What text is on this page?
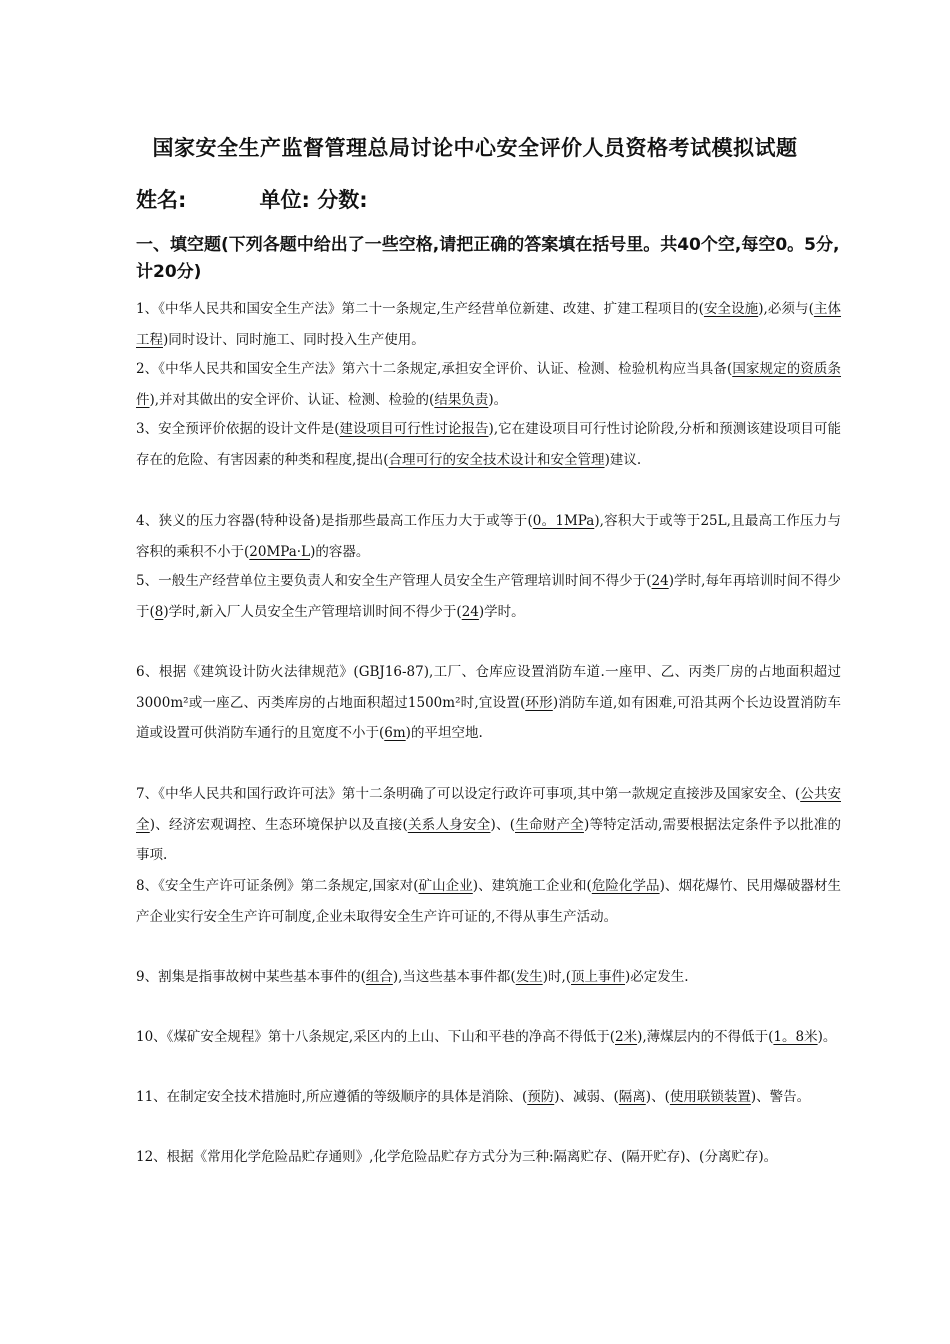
国家安全生产监督管理总局讨论中心安全评价人员资格考试模拟试题
姓名:          单位: 分数:
一、填空题(下列各题中给出了一些空格,请把正确的答案填在括号里。共40个空,每空0。5分,计20分)
1、《中华人民共和国安全生产法》第二十一条规定,生产经营单位新建、改建、扩建工程项目的(安全设施),必须与(主体工程)同时设计、同时施工、同时投入生产使用。
2、《中华人民共和国安全生产法》第六十二条规定,承担安全评价、认证、检测、检验机构应当具备(国家规定的资质条件),并对其做出的安全评价、认证、检测、检验的(结果负责)。
3、安全预评价依据的设计文件是(建设项目可行性讨论报告),它在建设项目可行性讨论阶段,分析和预测该建设项目可能存在的危险、有害因素的种类和程度,提出(合理可行的安全技术设计和安全管理)建议.
4、狭义的压力容器(特种设备)是指那些最高工作压力大于或等于(0。1MPa),容积大于或等于25L,且最高工作压力与容积的乘积不小于(20MPa·L)的容器。
5、一般生产经营单位主要负责人和安全生产管理人员安全生产管理培训时间不得少于(24)学时,每年再培训时间不得少于(8)学时,新入厂人员安全生产管理培训时间不得少于(24)学时。
6、根据《建筑设计防火法律规范》(GBJ16-87),工厂、仓库应设置消防车道.一座甲、乙、丙类厂房的占地面积超过3000m²或一座乙、丙类库房的占地面积超过1500m²时,宜设置(环形)消防车道,如有困难,可沿其两个长边设置消防车道或设置可供消防车通行的且宽度不小于(6m)的平坦空地.
7、《中华人民共和国行政许可法》第十二条明确了可以设定行政许可事项,其中第一款规定直接涉及国家安全、(公共安全)、经济宏观调控、生态环境保护以及直接(关系人身安全)、(生命财产全)等特定活动,需要根据法定条件予以批准的事项.
8、《安全生产许可证条例》第二条规定,国家对(矿山企业)、建筑施工企业和(危险化学品)、烟花爆竹、民用爆破器材生产企业实行安全生产许可制度,企业未取得安全生产许可证的,不得从事生产活动。
9、割集是指事故树中某些基本事件的(组合),当这些基本事件都(发生)时,(顶上事件)必定发生.
10、《煤矿安全规程》第十八条规定,采区内的上山、下山和平巷的净高不得低于(2米),薄煤层内的不得低于(1。8米)。
11、在制定安全技术措施时,所应遵循的等级顺序的具体是消除、(预防)、减弱、(隔离)、(使用联锁装置)、警告。
12、根据《常用化学危险品贮存通则》,化学危险品贮存方式分为三种:隔离贮存、(隔开贮存)、(分离贮存)。
